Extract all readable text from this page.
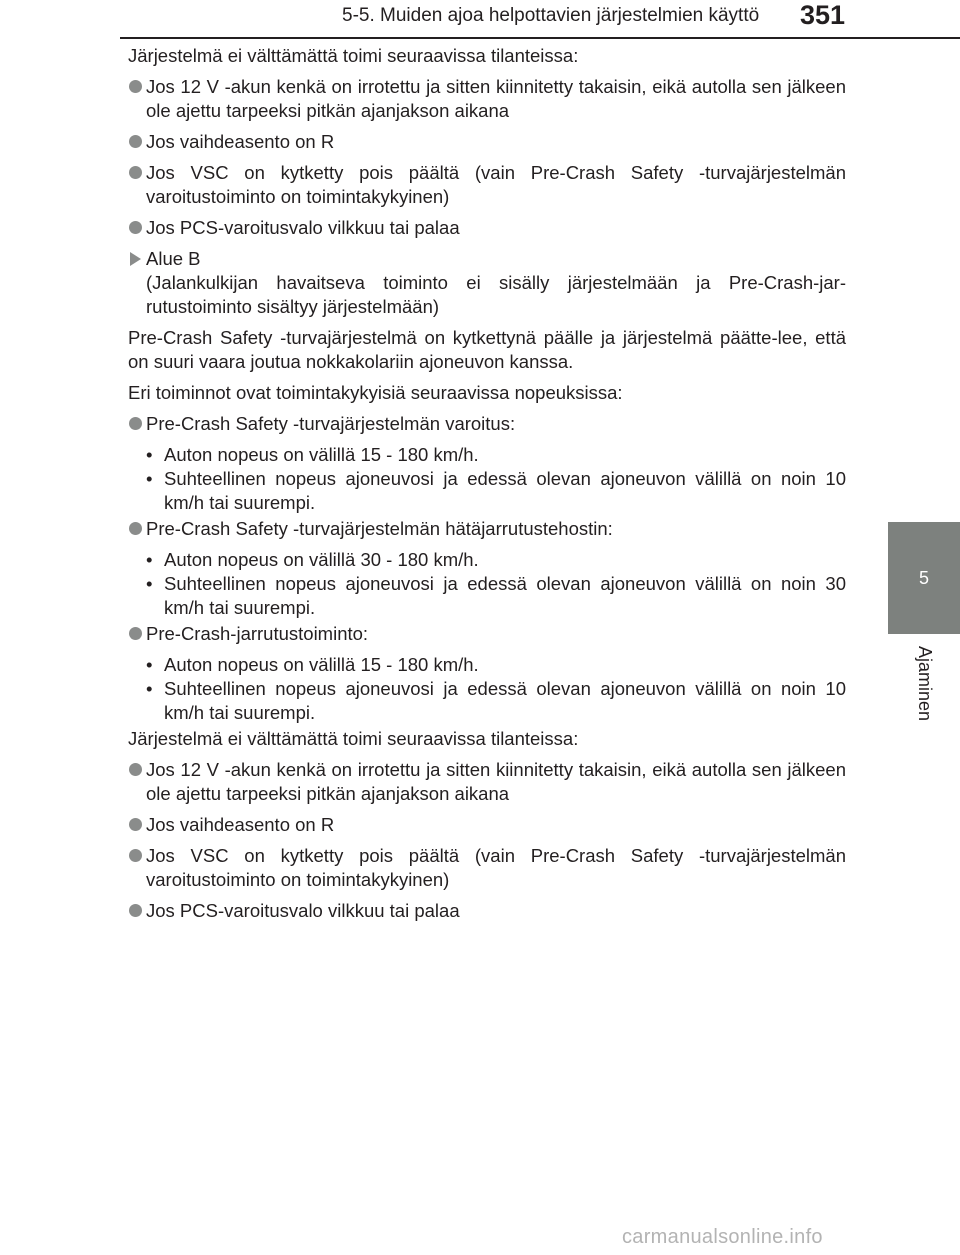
5-5. Muiden ajoa helpottavien järjestelmien käyttö 351
5
Ajaminen

Järjestelmä ei välttämättä toimi seuraavissa tilanteissa:

Jos 12 V -akun kenkä on irrotettu ja sitten kiinnitetty takaisin, eikä autolla sen jälkeen ole ajettu tarpeeksi pitkän ajanjakson aikana
Jos vaihdeasento on R
Jos VSC on kytketty pois päältä (vain Pre-Crash Safety -turvajärjestelmän varoitustoiminto on toimintakykyinen)
Jos PCS-varoitusvalo vilkkuu tai palaa
Alue B
(Jalankulkijan havaitseva toiminto ei sisälly järjestelmään ja Pre-Crash-jar-rutustoiminto sisältyy järjestelmään)

Pre-Crash Safety -turvajärjestelmä on kytkettynä päälle ja järjestelmä päätte-lee, että on suuri vaara joutua nokkakolariin ajoneuvon kanssa.

Eri toiminnot ovat toimintakykyisiä seuraavissa nopeuksissa:

Pre-Crash Safety -turvajärjestelmän varoitus:
• Auton nopeus on välillä 15 - 180 km/h.
• Suhteellinen nopeus ajoneuvosi ja edessä olevan ajoneuvon välillä on noin 10 km/h tai suurempi.
Pre-Crash Safety -turvajärjestelmän hätäjarrutustehostin:
• Auton nopeus on välillä 30 - 180 km/h.
• Suhteellinen nopeus ajoneuvosi ja edessä olevan ajoneuvon välillä on noin 30 km/h tai suurempi.
Pre-Crash-jarrutustoiminto:
• Auton nopeus on välillä 15 - 180 km/h.
• Suhteellinen nopeus ajoneuvosi ja edessä olevan ajoneuvon välillä on noin 10 km/h tai suurempi.

Järjestelmä ei välttämättä toimi seuraavissa tilanteissa:

Jos 12 V -akun kenkä on irrotettu ja sitten kiinnitetty takaisin, eikä autolla sen jälkeen ole ajettu tarpeeksi pitkän ajanjakson aikana
Jos vaihdeasento on R
Jos VSC on kytketty pois päältä (vain Pre-Crash Safety -turvajärjestelmän varoitustoiminto on toimintakykyinen)
Jos PCS-varoitusvalo vilkkuu tai palaa
carmanualsonline.info
